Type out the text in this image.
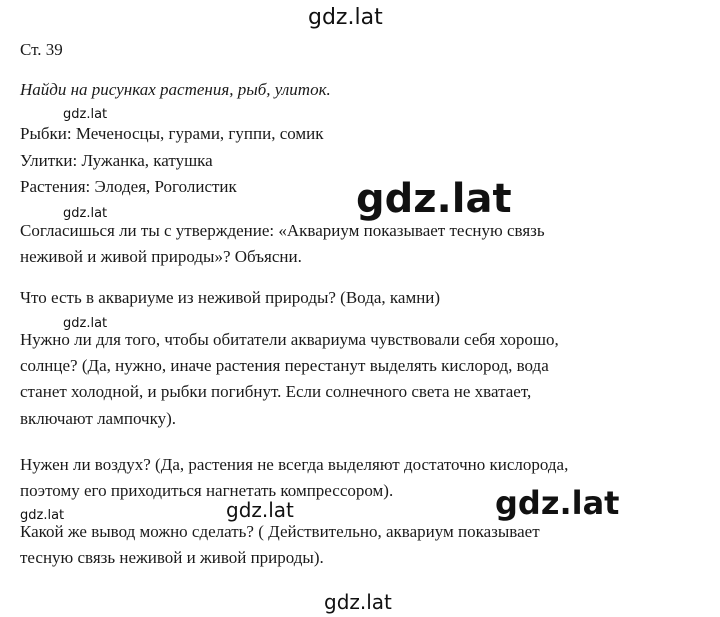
gdz.lat
Ст. 39
Найди на рисунках растения, рыб, улиток.
gdz.lat
Рыбки: Меченосцы, гурами, гуппи, сомик
Улитки: Лужанка, катушка
Растения: Элодея, Роголистик	gdz.lat
gdz.lat
Согласишься ли ты с утверждение: «Аквариум показывает тесную связь
неживой и живой природы»? Объясни.
Что есть в аквариуме из неживой природы? (Вода, камни)
gdz.lat
Нужно ли для того, чтобы обитатели аквариума чувствовали себя хорошо,
солнце? (Да, нужно, иначе растения перестанут выделять кислород, вода
станет холодной, и рыбки погибнут. Если солнечного света не хватает,
включают лампочку).
Нужен ли воздух? (Да, растения не всегда выделяют достаточно кислорода,
поэтому его приходиться нагнетать компрессором).	gdz.lat
gdz.lat
gdz.lat
Какой же вывод можно сделать? ( Действительно, аквариум показывает
тесную связь неживой и живой природы).
gdz.lat
